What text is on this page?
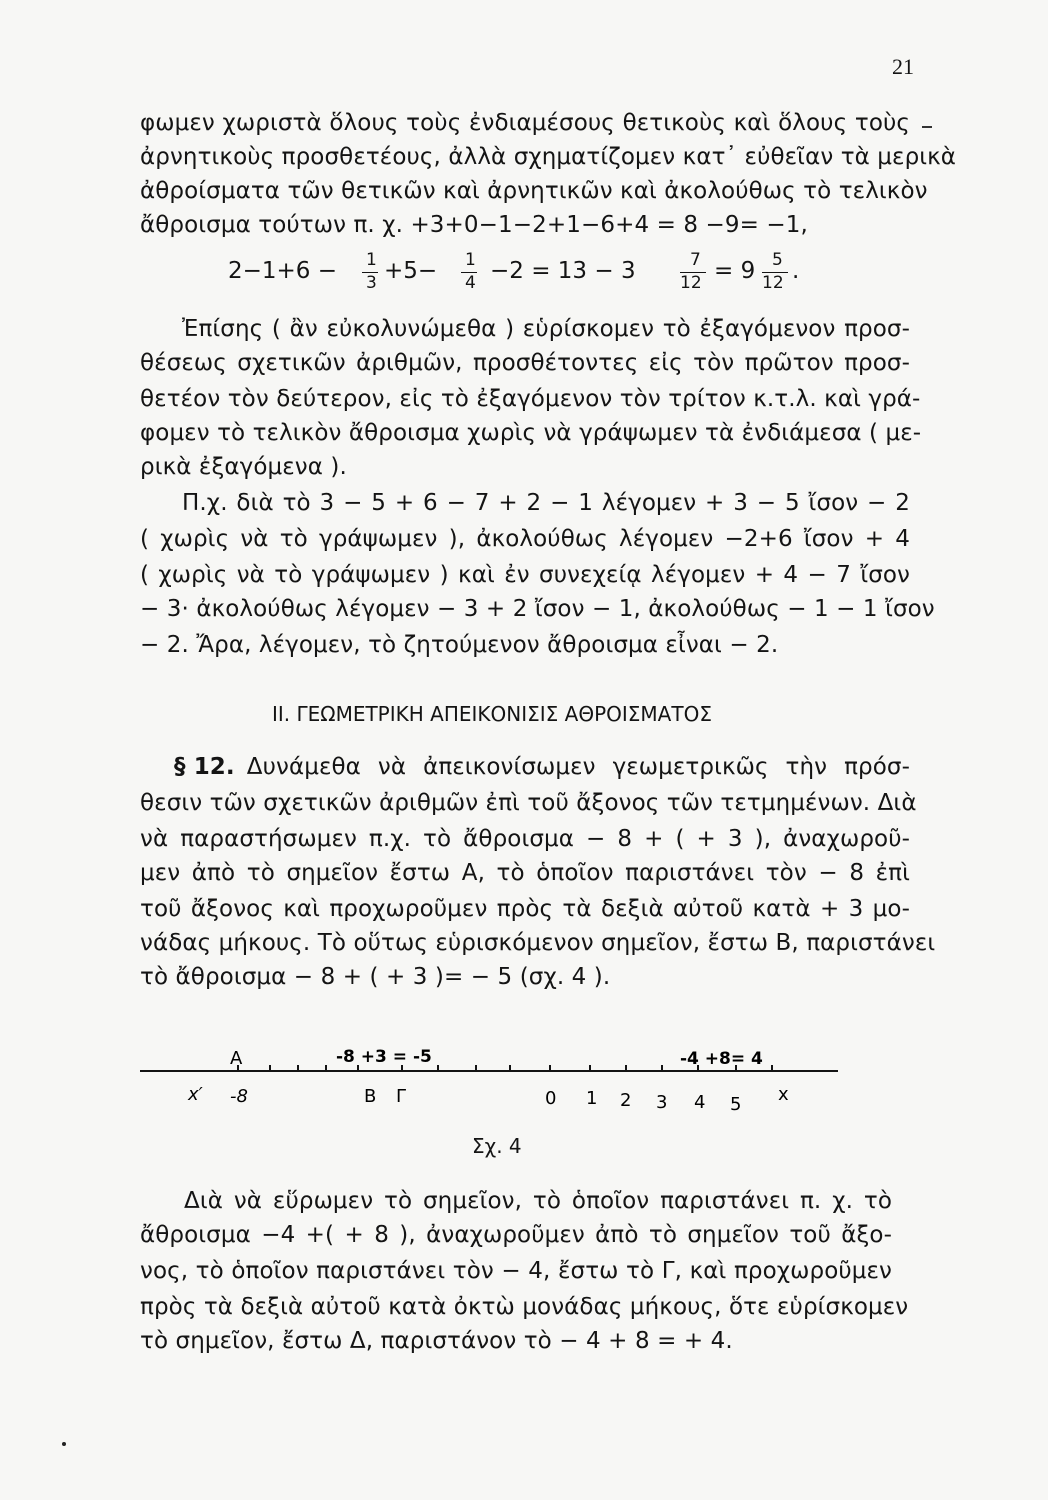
21
φωμεν χωριστὰ ὅλους τοὺς ἐνδιαμέσους θετικοὺς καὶ ὅλους τοὺς
ἀρνητικοὺς προσθετέους, ἀλλὰ σχηματίζομεν κατ᾽ εὐθεῖαν τὰ μερικὰ
ἀθροίσματα τῶν θετικῶν καὶ ἀρνητικῶν καὶ ἀκολούθως τὸ τελικὸν
ἄθροισμα τούτων π. χ. +3+0−1−2+1−6+4 = 8 −9= −1,
2−1+6 − 1
3 +5− 1
4 −2 = 13 − 3	7
12 = 9 5
12 .
Ἐπίσης ( ἂν εὐκολυνώμεθα ) εὑρίσκομεν τὸ ἐξαγόμενον προσ-
θέσεως σχετικῶν ἀριθμῶν, προσθέτοντες εἰς τὸν πρῶτον προσ-
θετέον τὸν δεύτερον, εἰς τὸ ἐξαγόμενον τὸν τρίτον κ.τ.λ. καὶ γρά-
φομεν τὸ τελικὸν ἄθροισμα χωρὶς νὰ γράψωμεν τὰ ἐνδιάμεσα ( με-
ρικὰ ἐξαγόμενα ).
Π.χ. διὰ τὸ 3 − 5 + 6 − 7 + 2 − 1 λέγομεν + 3 − 5 ἴσον − 2
( χωρὶς νὰ τὸ γράψωμεν ), ἀκολούθως λέγομεν −2+6 ἴσον + 4
( χωρὶς νὰ τὸ γράψωμεν ) καὶ ἐν συνεχείᾳ λέγομεν + 4 − 7 ἴσον
− 3· ἀκολούθως λέγομεν − 3 + 2 ἴσον − 1, ἀκολούθως − 1 − 1 ἴσον
− 2. Ἄρα, λέγομεν, τὸ ζητούμενον ἄθροισμα εἶναι − 2.
II. ΓΕΩΜΕΤΡΙΚΗ ΑΠΕΙΚΟΝΙΣΙΣ ΑΘΡΟΙΣΜΑΤΟΣ
§ 12. Δυνάμεθα νὰ ἀπεικονίσωμεν γεωμετρικῶς τὴν πρόσ-
θεσιν τῶν σχετικῶν ἀριθμῶν ἐπὶ τοῦ ἄξονος τῶν τετμημένων. Διὰ
νὰ παραστήσωμεν π.χ. τὸ ἄθροισμα − 8 + ( + 3 ), ἀναχωροῦ-
μεν ἀπὸ τὸ σημεῖον ἔστω Α, τὸ ὁποῖον παριστάνει τὸν − 8 ἐπὶ
τοῦ ἄξονος καὶ προχωροῦμεν πρὸς τὰ δεξιὰ αὐτοῦ κατὰ + 3 μο-
νάδας μήκους. Τὸ οὕτως εὑρισκόμενον σημεῖον, ἔστω Β, παριστάνει
τὸ ἄθροισμα − 8 + ( + 3 )= − 5 (σχ. 4 ).
A	-8 +3 = -5	-4 +8= 4
x′ -8	B Γ	0 1 2 3 4 5 x
Σχ. 4
Διὰ νὰ εὕρωμεν τὸ σημεῖον, τὸ ὁποῖον παριστάνει π. χ. τὸ
ἄθροισμα −4 +( + 8 ), ἀναχωροῦμεν ἀπὸ τὸ σημεῖον τοῦ ἄξο-
νος, τὸ ὁποῖον παριστάνει τὸν − 4, ἔστω τὸ Γ, καὶ προχωροῦμεν
πρὸς τὰ δεξιὰ αὐτοῦ κατὰ ὀκτὼ μονάδας μήκους, ὅτε εὑρίσκομεν
τὸ σημεῖον, ἔστω Δ, παριστάνον τὸ − 4 + 8 = + 4.
